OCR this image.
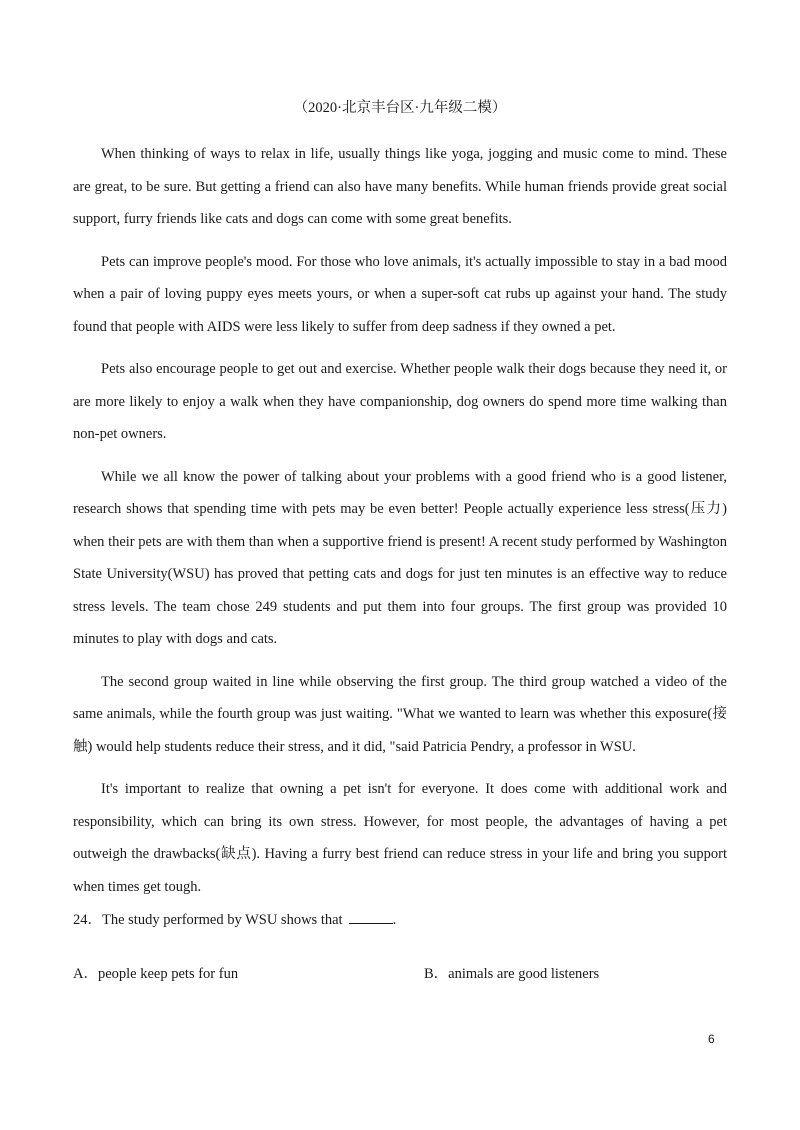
（2020·北京丰台区·九年级二模）

When thinking of ways to relax in life, usually things like yoga, jogging and music come to mind. These are great, to be sure. But getting a friend can also have many benefits. While human friends provide great social support, furry friends like cats and dogs can come with some great benefits.

Pets can improve people's mood. For those who love animals, it's actually impossible to stay in a bad mood when a pair of loving puppy eyes meets yours, or when a super-soft cat rubs up against your hand. The study found that people with AIDS were less likely to suffer from deep sadness if they owned a pet.

Pets also encourage people to get out and exercise. Whether people walk their dogs because they need it, or are more likely to enjoy a walk when they have companionship, dog owners do spend more time walking than non-pet owners.

While we all know the power of talking about your problems with a good friend who is a good listener, research shows that spending time with pets may be even better! People actually experience less stress(压力) when their pets are with them than when a supportive friend is present! A recent study performed by Washington State University(WSU) has proved that petting cats and dogs for just ten minutes is an effective way to reduce stress levels. The team chose 249 students and put them into four groups. The first group was provided 10 minutes to play with dogs and cats.

The second group waited in line while observing the first group. The third group watched a video of the same animals, while the fourth group was just waiting. "What we wanted to learn was whether this exposure(接触) would help students reduce their stress, and it did, "said Patricia Pendry, a professor in WSU.

It's important to realize that owning a pet isn't for everyone. It does come with additional work and responsibility, which can bring its own stress. However, for most people, the advantages of having a pet outweigh the drawbacks(缺点). Having a furry best friend can reduce stress in your life and bring you support when times get tough.

24．The study performed by WSU shows that	.
A．people keep pets for fun	B．animals are good listeners
6
